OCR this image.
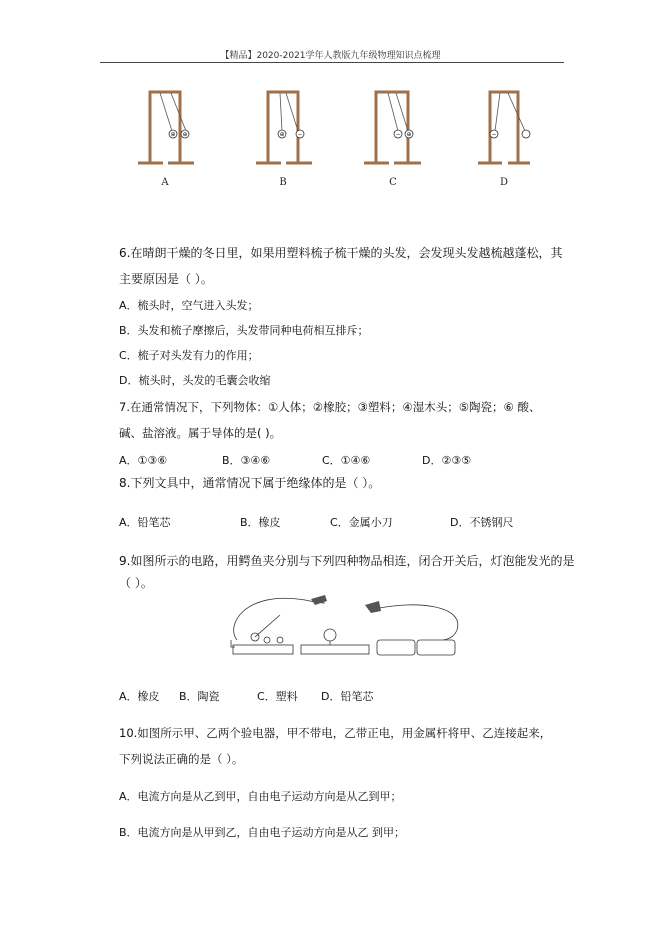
【精品】2020-2021学年人教版九年级物理知识点梳理
⊕ ⊕	⊕ −	− ⊕	−
A	B	C	D
6.在晴朗干燥的冬日里，如果用塑料梳子梳干燥的头发，会发现头发越梳越蓬松，其
主要原因是（ ）。
A．梳头时，空气进入头发；
B．头发和梳子摩擦后，头发带同种电荷相互排斥；
C．梳子对头发有力的作用；
D．梳头时，头发的毛囊会收缩
7.在通常情况下，下列物体：①人体；②橡胶；③塑料；④湿木头；⑤陶瓷；⑥ 酸、
碱、盐溶液。属于导体的是( )。
A．①③⑥	B．③④⑥	C．①④⑥	D．②③⑤
8.下列文具中，通常情况下属于绝缘体的是（ ）。
A．铅笔芯	B．橡皮	C．金属小刀	D．不锈钢尺
9.如图所示的电路，用鳄鱼夹分别与下列四种物品相连，闭合开关后，灯泡能发光的是
（ ）。
A．橡皮 B．陶瓷	C．塑料 D．铅笔芯
10.如图所示甲、乙两个验电器，甲不带电，乙带正电，用金属杆将甲、乙连接起来，
下列说法正确的是（ ）。
A．电流方向是从乙到甲，自由电子运动方向是从乙到甲；
B．电流方向是从甲到乙，自由电子运动方向是从乙 到甲；
